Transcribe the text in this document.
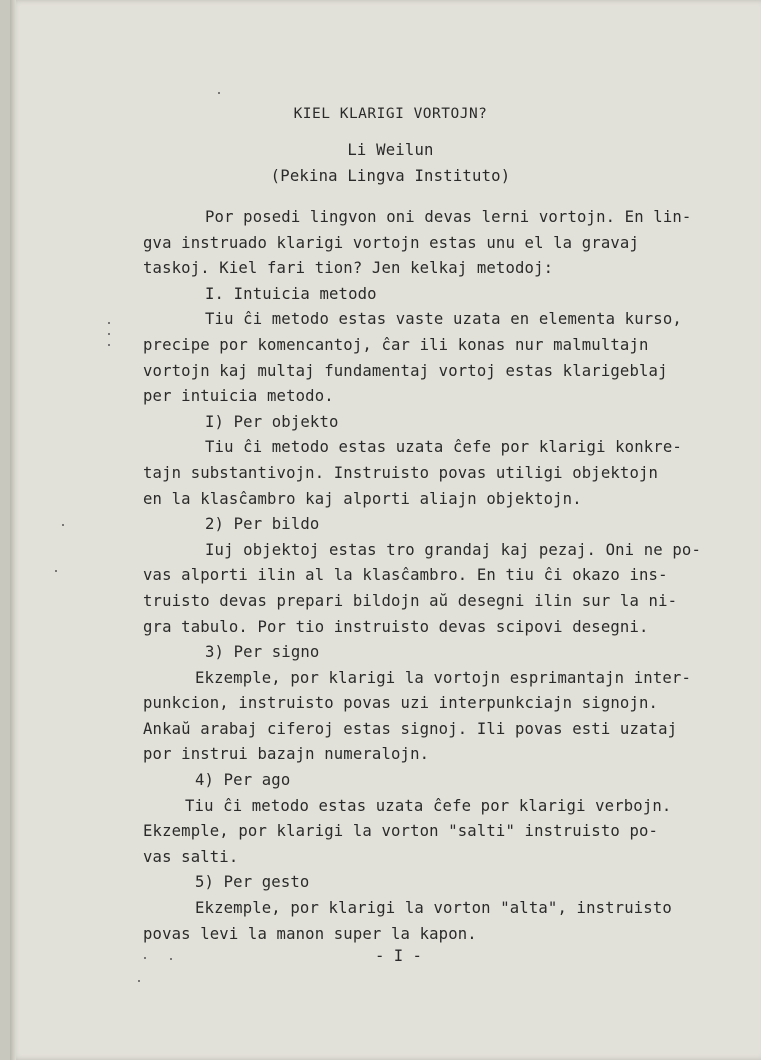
KIEL KLARIGI VORTOJN?
Li Weilun
(Pekina Lingva Instituto)
Por posedi lingvon oni devas lerni vortojn. En lin-
gva instruado klarigi vortojn estas unu el la gravaj
taskoj. Kiel fari tion? Jen kelkaj metodoj:
I. Intuicia metodo
Tiu ĉi metodo estas vaste uzata en elementa kurso,
precipe por komencantoj, ĉar ili konas nur malmultajn
vortojn kaj multaj fundamentaj vortoj estas klarigeblaj
per intuicia metodo.
I) Per objekto
Tiu ĉi metodo estas uzata ĉefe por klarigi konkre-
tajn substantivojn. Instruisto povas utiligi objektojn
en la klasĉambro kaj alporti aliajn objektojn.
2) Per bildo
Iuj objektoj estas tro grandaj kaj pezaj. Oni ne po-
vas alporti ilin al la klasĉambro. En tiu ĉi okazo ins-
truisto devas prepari bildojn aŭ desegni ilin sur la ni-
gra tabulo. Por tio instruisto devas scipovi desegni.
3) Per signo
Ekzemple, por klarigi la vortojn esprimantajn inter-
punkcion, instruisto povas uzi interpunkciajn signojn.
Ankaŭ arabaj ciferoj estas signoj. Ili povas esti uzataj
por instrui bazajn numeralojn.
4) Per ago
Tiu ĉi metodo estas uzata ĉefe por klarigi verbojn.
Ekzemple, por klarigi la vorton "salti" instruisto po-
vas salti.
5) Per gesto
Ekzemple, por klarigi la vorton "alta", instruisto
povas levi la manon super la kapon.
- I -
